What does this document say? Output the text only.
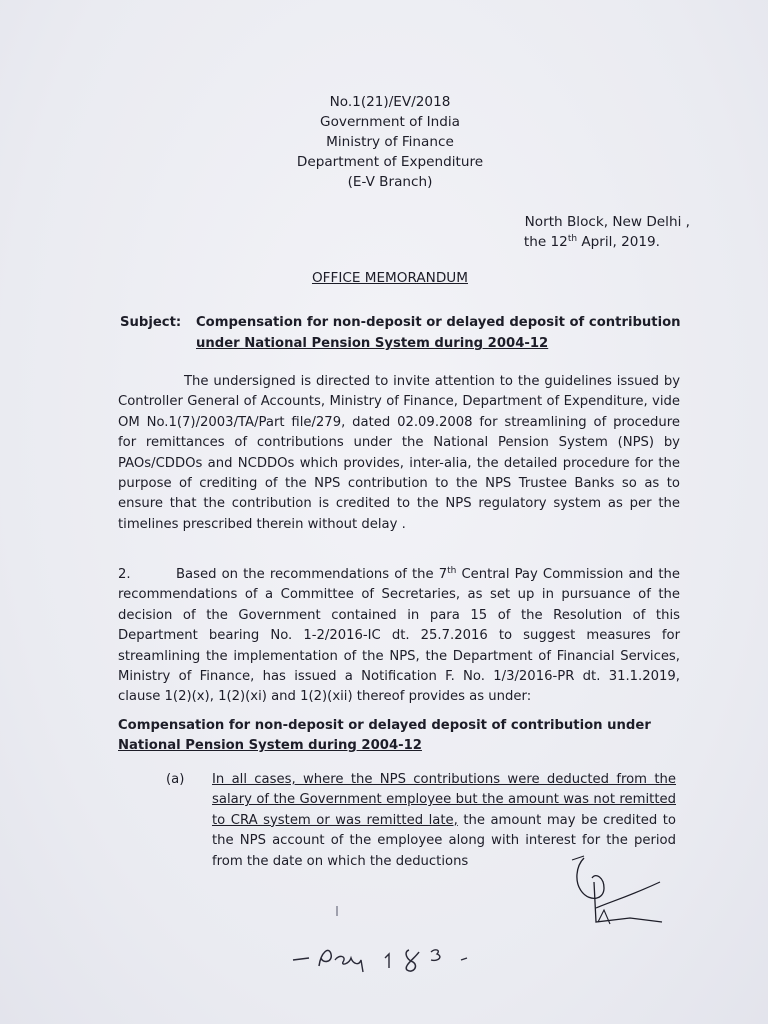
No.1(21)/EV/2018
Government of India
Ministry of Finance
Department of Expenditure
(E-V Branch)
North Block, New Delhi ,
the 12th April, 2019.
OFFICE MEMORANDUM
Subject: Compensation for non-deposit or delayed deposit of contribution
under National Pension System during 2004-12
The undersigned is directed to invite attention to the guidelines issued by Controller General of Accounts, Ministry of Finance, Department of Expenditure, vide OM No.1(7)/2003/TA/Part file/279, dated 02.09.2008 for streamlining of procedure for remittances of contributions under the National Pension System (NPS) by PAOs/CDDOs and NCDDOs which provides, inter-alia, the detailed procedure for the purpose of crediting of the NPS contribution to the NPS Trustee Banks so as to ensure that the contribution is credited to the NPS regulatory system as per the timelines prescribed therein without delay .
2.	Based on the recommendations of the 7th Central Pay Commission and the recommendations of a Committee of Secretaries, as set up in pursuance of the decision of the Government contained in para 15 of the Resolution of this Department bearing No. 1-2/2016-IC dt. 25.7.2016 to suggest measures for streamlining the implementation of the NPS, the Department of Financial Services, Ministry of Finance, has issued a Notification F. No. 1/3/2016-PR dt. 31.1.2019, clause 1(2)(x), 1(2)(xi) and 1(2)(xii) thereof provides as under:
Compensation for non-deposit or delayed deposit of contribution under
National Pension System during 2004-12
(a) In all cases, where the NPS contributions were deducted from the salary of the Government employee but the amount was not remitted to CRA system or was remitted late, the amount may be credited to the NPS account of the employee along with interest for the period from the date on which the deductions
